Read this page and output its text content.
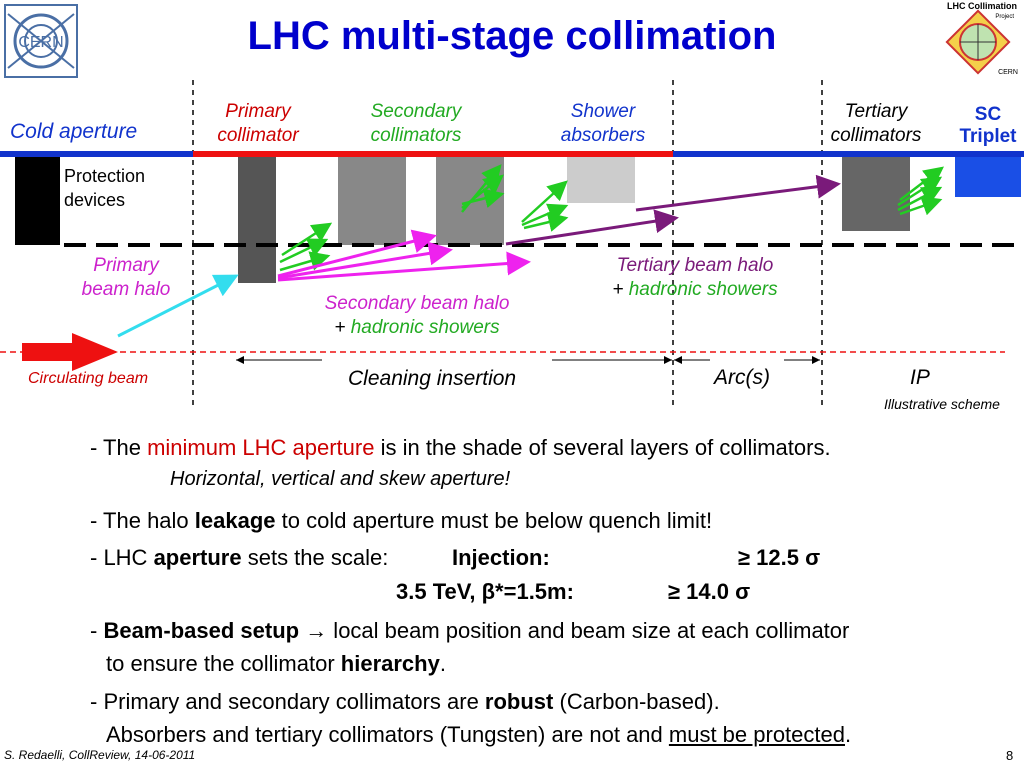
CERN
LHC Collimation
Project
CERN
LHC multi-stage collimation
Cold aperture
Primary
collimator
Secondary
collimators
Shower
absorbers
Tertiary
collimators
SC
Triplet
Protection
devices
Primary
beam halo
Secondary beam halo
+ hadronic showers
Tertiary beam halo
+ hadronic showers
Circulating beam	Cleaning insertion	Arc(s)	IP
Illustrative scheme
- The minimum LHC aperture is in the shade of several layers of collimators.
Horizontal, vertical and skew aperture!
- The halo leakage to cold aperture must be below quench limit!
- LHC aperture sets the scale:	Injection:	≥ 12.5 σ
3.5 TeV, β*=1.5m:	≥ 14.0 σ
- Beam-based setup → local beam position and beam size at each collimator
to ensure the collimator hierarchy.
- Primary and secondary collimators are robust (Carbon-based).
Absorbers and tertiary collimators (Tungsten) are not and must be protected.
S. Redaelli, CollReview, 14-06-2011	8
